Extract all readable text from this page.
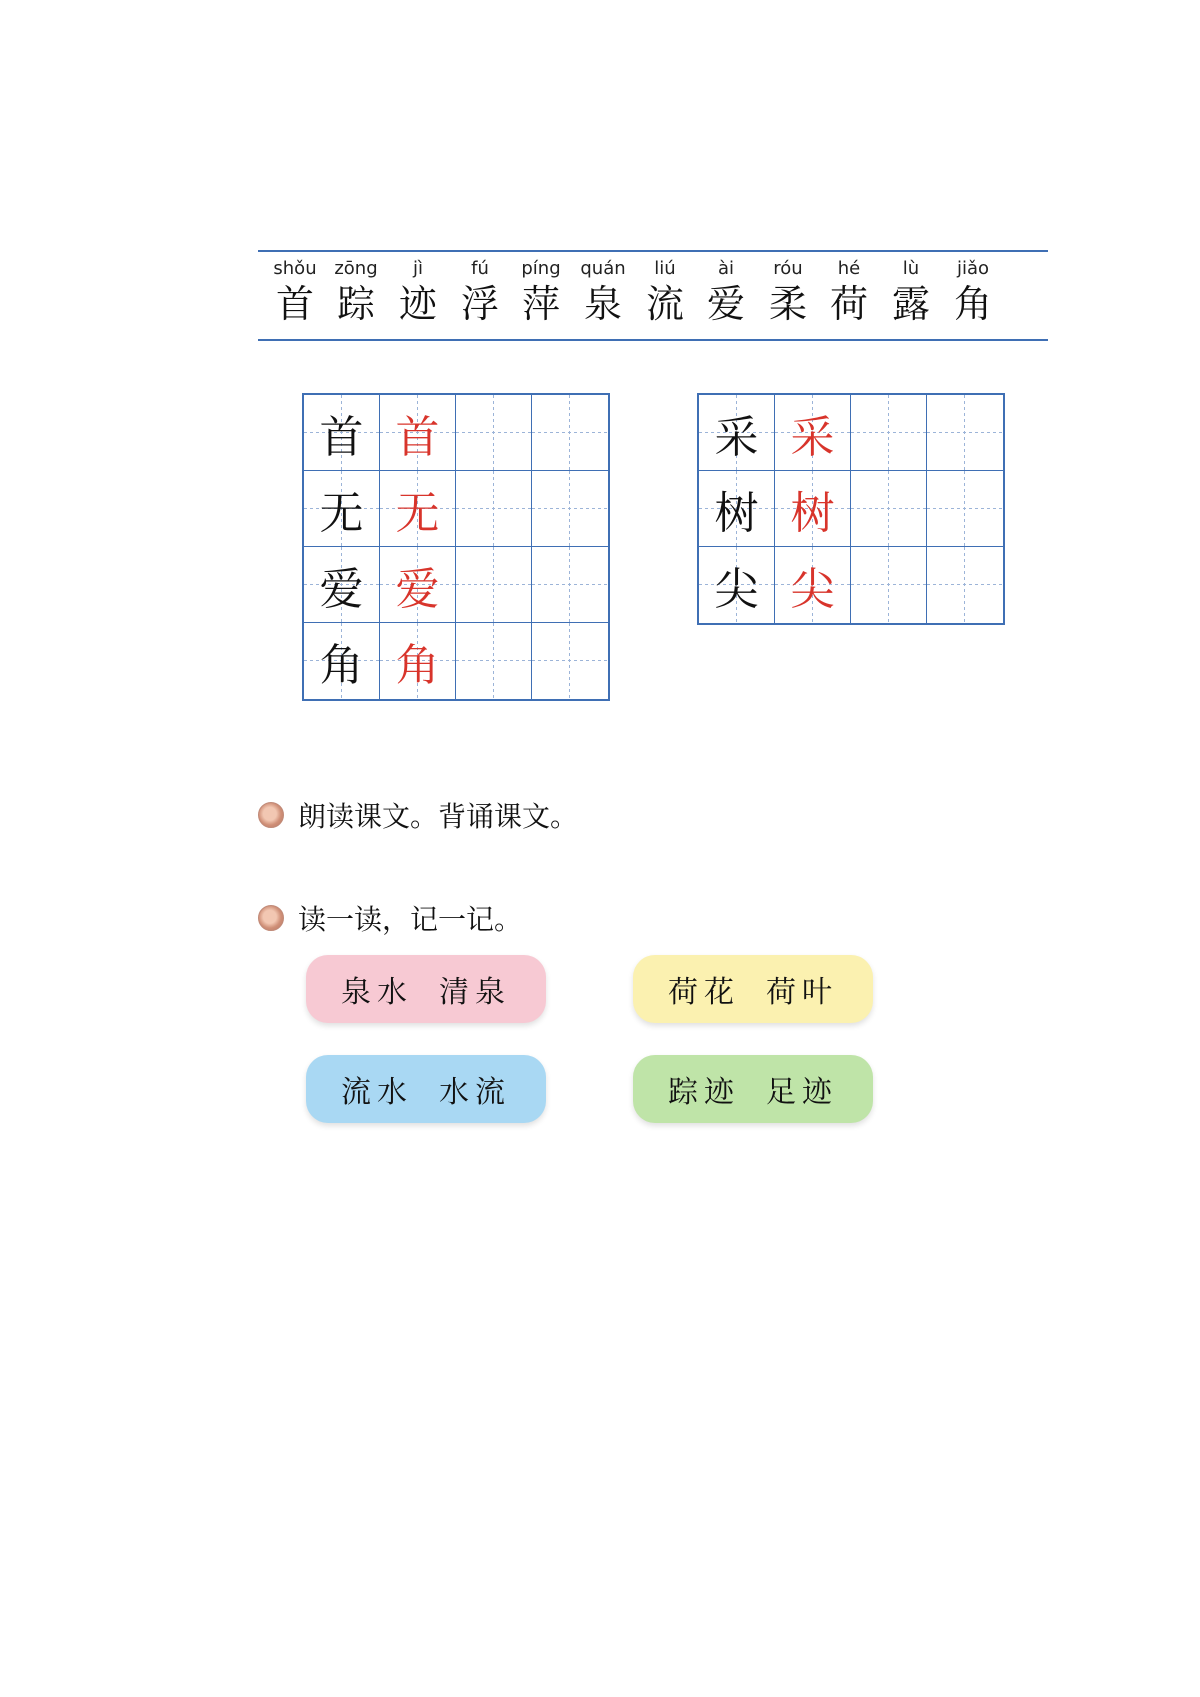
shǒu
首
zōng
踪
jì
迹
fú
浮
píng
萍
quán
泉
liú
流
ài
爱
róu
柔
hé
荷
lù
露
jiǎo
角
首 首
无 无
爱 爱
角 角
采 采
树 树
尖 尖
朗读课文。背诵课文。
读一读，记一记。
泉水 清泉	荷花 荷叶
流水 水流	踪迹 足迹
